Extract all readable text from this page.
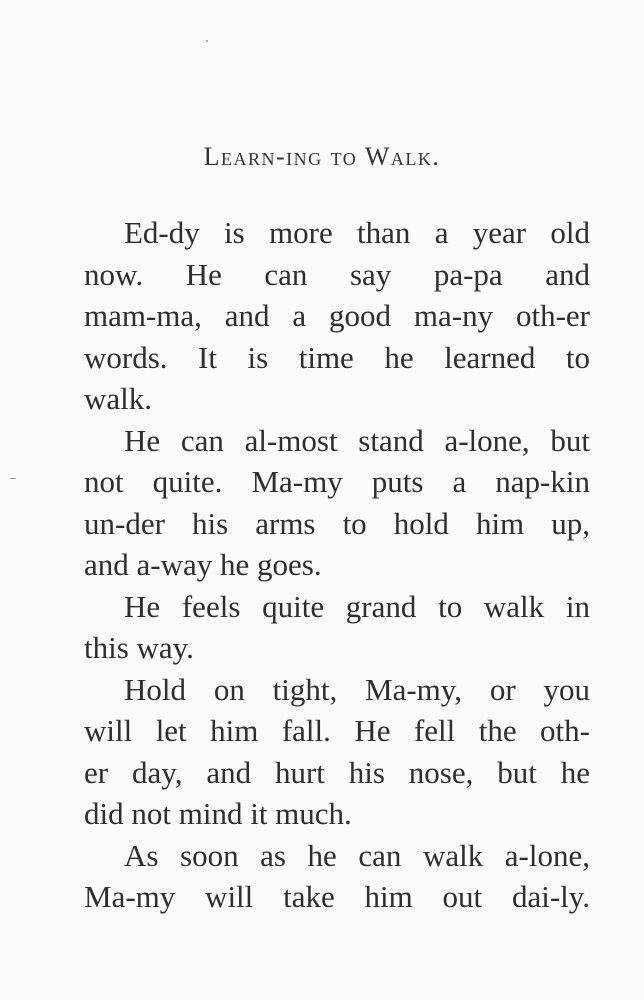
Learn-ing to Walk.
Ed-dy is more than a year old
now. He can say pa-pa and
mam-ma, and a good ma-ny oth-er
words. It is time he learned to
walk.
He can al-most stand a-lone, but
not quite. Ma-my puts a nap-kin
un-der his arms to hold him up,
and a-way he goes.
He feels quite grand to walk in
this way.
Hold on tight, Ma-my, or you
will let him fall. He fell the oth-
er day, and hurt his nose, but he
did not mind it much.
As soon as he can walk a-lone,
Ma-my will take him out dai-ly.
